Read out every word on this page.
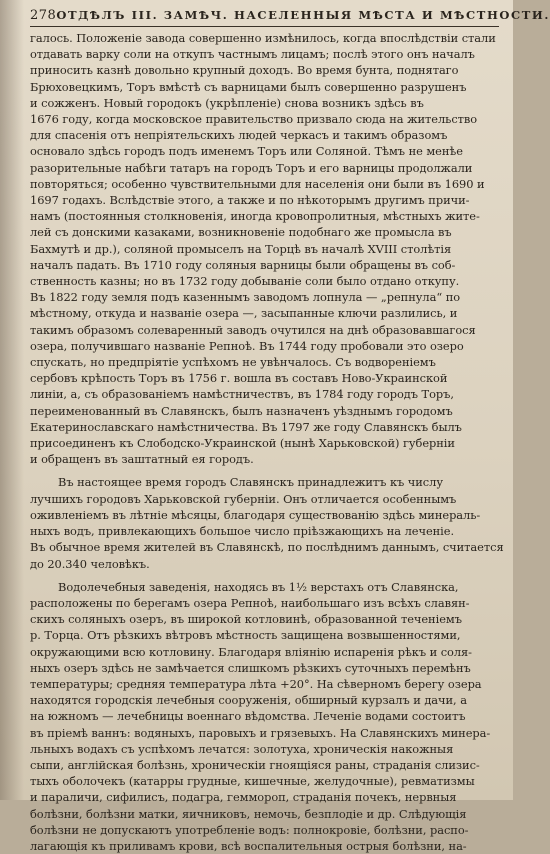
278 ОТДѢЛЪ III. ЗАМѢЧ. НАСЕЛЕННЫЯ МѢСТА И МѢСТНОСТИ.
галось. Положеніе завода совершенно измѣнилось, когда впослѣдствіи стали
отдавать варку соли на откупъ частнымъ лицамъ; послѣ этого онъ началъ
приносить казнѣ довольно крупный доходъ. Во время бунта, поднятаго
Брюховецкимъ, Торъ вмѣстѣ съ варницами былъ совершенно разрушенъ
и сожженъ. Новый городокъ (укрѣпленіе) снова возникъ здѣсь въ
1676 году, когда московское правительство призвало сюда на жительство
для спасенія отъ непріятельскихъ людей черкасъ и такимъ образомъ
основало здѣсь городъ подъ именемъ Торъ или Соляной. Тѣмъ не менѣе
разорительные набѣги татаръ на городъ Торъ и его варницы продолжали
повторяться; особенно чувствительными для населенія они были въ 1690 и
1697 годахъ. Вслѣдствіе этого, а также и по нѣкоторымъ другимъ причи-
намъ (постоянныя столкновенія, иногда кровопролитныя, мѣстныхъ жите-
лей съ донскими казаками, возникновеніе подобнаго же промысла въ
Бахмутѣ и др.), соляной промыселъ на Торцѣ въ началѣ XVIII столѣтія
началъ падать. Въ 1710 году соляныя варницы были обращены въ соб-
ственность казны; но въ 1732 году добываніе соли было отдано откупу.
Въ 1822 году земля подъ казеннымъ заводомъ лопнула — „репнула“ по
мѣстному, откуда и названіе озера —, засыпанные ключи разлились, и
такимъ образомъ солеваренный заводъ очутился на днѣ образовавшагося
озера, получившаго названіе Рeпноѣ. Въ 1744 году пробовали это озеро
спускать, но предпріятіе успѣхомъ не увѣнчалось. Съ водвореніемъ
сербовъ крѣпость Торъ въ 1756 г. вошла въ составъ Ново-Украинской
линіи, а, съ образованіемъ намѣстничествъ, въ 1784 году городъ Торъ,
переименованный въ Славянскъ, былъ назначенъ уѣзднымъ городомъ
Екатеринославскаго намѣстничества. Въ 1797 же году Славянскъ былъ
присоединенъ къ Слободско-Украинской (нынѣ Харьковской) губерніи
и обращенъ въ заштатный ея городъ.
Въ настоящее время городъ Славянскъ принадлежитъ къ числу
лучшихъ городовъ Харьковской губерніи. Онъ отличается особеннымъ
оживленіемъ въ лѣтніе мѣсяцы, благодаря существованію здѣсь минераль-
ныхъ водъ, привлекающихъ большое число пріѣзжающихъ на леченіе.
Въ обычное время жителей въ Славянскѣ, по послѣднимъ даннымъ, считается
до 20.340 человѣкъ.
Водолечебныя заведенія, находясь въ 1½ верстахъ отъ Славянска,
расположены по берегамъ озера Рeпноѣ, наибольшаго изъ всѣхъ славян-
скихъ соляныхъ озеръ, въ широкой котловинѣ, образованной теченіемъ
р. Торца. Отъ рѣзкихъ вѣтровъ мѣстность защищена возвышенностями,
окружающими всю котловину. Благодаря вліянію испаренія рѣкъ и соля-
ныхъ озеръ здѣсь не замѣчается слишкомъ рѣзкихъ суточныхъ перемѣнъ
температуры; средняя температура лѣта +20°. На сѣверномъ берегу озера
находятся городскія лечебныя сооруженія, обширный курзалъ и дачи, а
на южномъ — лечебницы военнаго вѣдомства. Леченіе водами состоитъ
въ пріемѣ ваннъ: водяныхъ, паровыхъ и грязевыхъ. На Славянскихъ минера-
льныхъ водахъ съ успѣхомъ лечатся: золотуха, хроническія накожныя
сыпи, англійская болѣзнь, хроническіи гноящіяся раны, страданія слизис-
тыхъ оболочекъ (катарры грудные, кишечные, желудочные), ревматизмы
и параличи, сифилисъ, подагра, геммороп, страданія почекъ, нервныя
болѣзни, болѣзни матки, яичниковъ, немочь, безплодіе и др. Слѣдующія
болѣзни не допускаютъ употребленіе водъ: полнокровіе, болѣзни, распо-
лагающія къ приливамъ крови, всѣ воспалительныя острыя болѣзни, на-
